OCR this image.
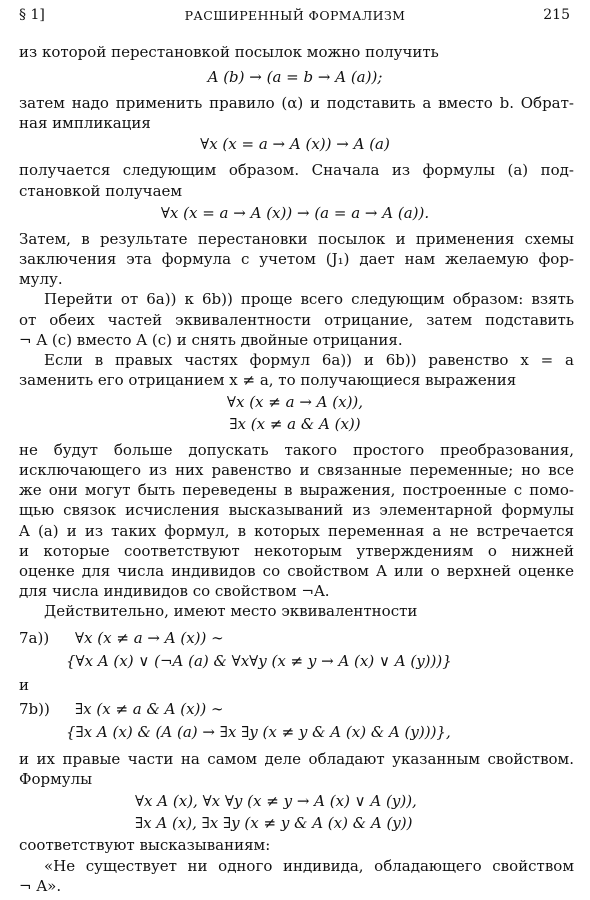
§ 1]	РАСШИРЕННЫЙ ФОРМАЛИЗМ	215
из которой перестановкой посылок можно получить
A (b) → (a = b → A (a));
затем надо применить правило (α) и подставить a вместо b. Обрат-
ная импликация
∀x (x = a → A (x)) → A (a)
получается следующим образом. Сначала из формулы (a) под-
становкой получаем
∀x (x = a → A (x)) → (a = a → A (a)).
Затем, в результате перестановки посылок и применения схемы
заключения эта формула с учетом (J₁) дает нам желаемую фор-
мулу.
Перейти от 6a)) к 6b)) проще всего следующим образом: взять
от обеих частей эквивалентности отрицание, затем подставить
¬ A (c) вместо A (c) и снять двойные отрицания.
Если в правых частях формул 6a)) и 6b)) равенство x = a
заменить его отрицанием x ≠ a, то получающиеся выражения
∀x (x ≠ a → A (x)),
∃x (x ≠ a & A (x))
не будут больше допускать такого простого преобразования,
исключающего из них равенство и связанные переменные; но все
же они могут быть переведены в выражения, построенные с помо-
щью связок исчисления высказываний из элементарной формулы
A (a) и из таких формул, в которых переменная a не встречается
и которые соответствуют некоторым утверждениям о нижней
оценке для числа индивидов со свойством A или о верхней оценке
для числа индивидов со свойством ¬A.
Действительно, имеют место эквивалентности
7a)) ∀x (x ≠ a → A (x)) ∼
{∀x A (x) ∨ (¬A (a) & ∀x∀y (x ≠ y → A (x) ∨ A (y)))}
и
7b)) ∃x (x ≠ a & A (x)) ∼
{∃x A (x) & (A (a) → ∃x ∃y (x ≠ y & A (x) & A (y)))},
и их правые части на самом деле обладают указанным свойством.
Формулы
∀x A (x), ∀x ∀y (x ≠ y → A (x) ∨ A (y)),
∃x A (x), ∃x ∃y (x ≠ y & A (x) & A (y))
соответствуют высказываниям:
«Не существует ни одного индивида, обладающего свойством
¬ A».
